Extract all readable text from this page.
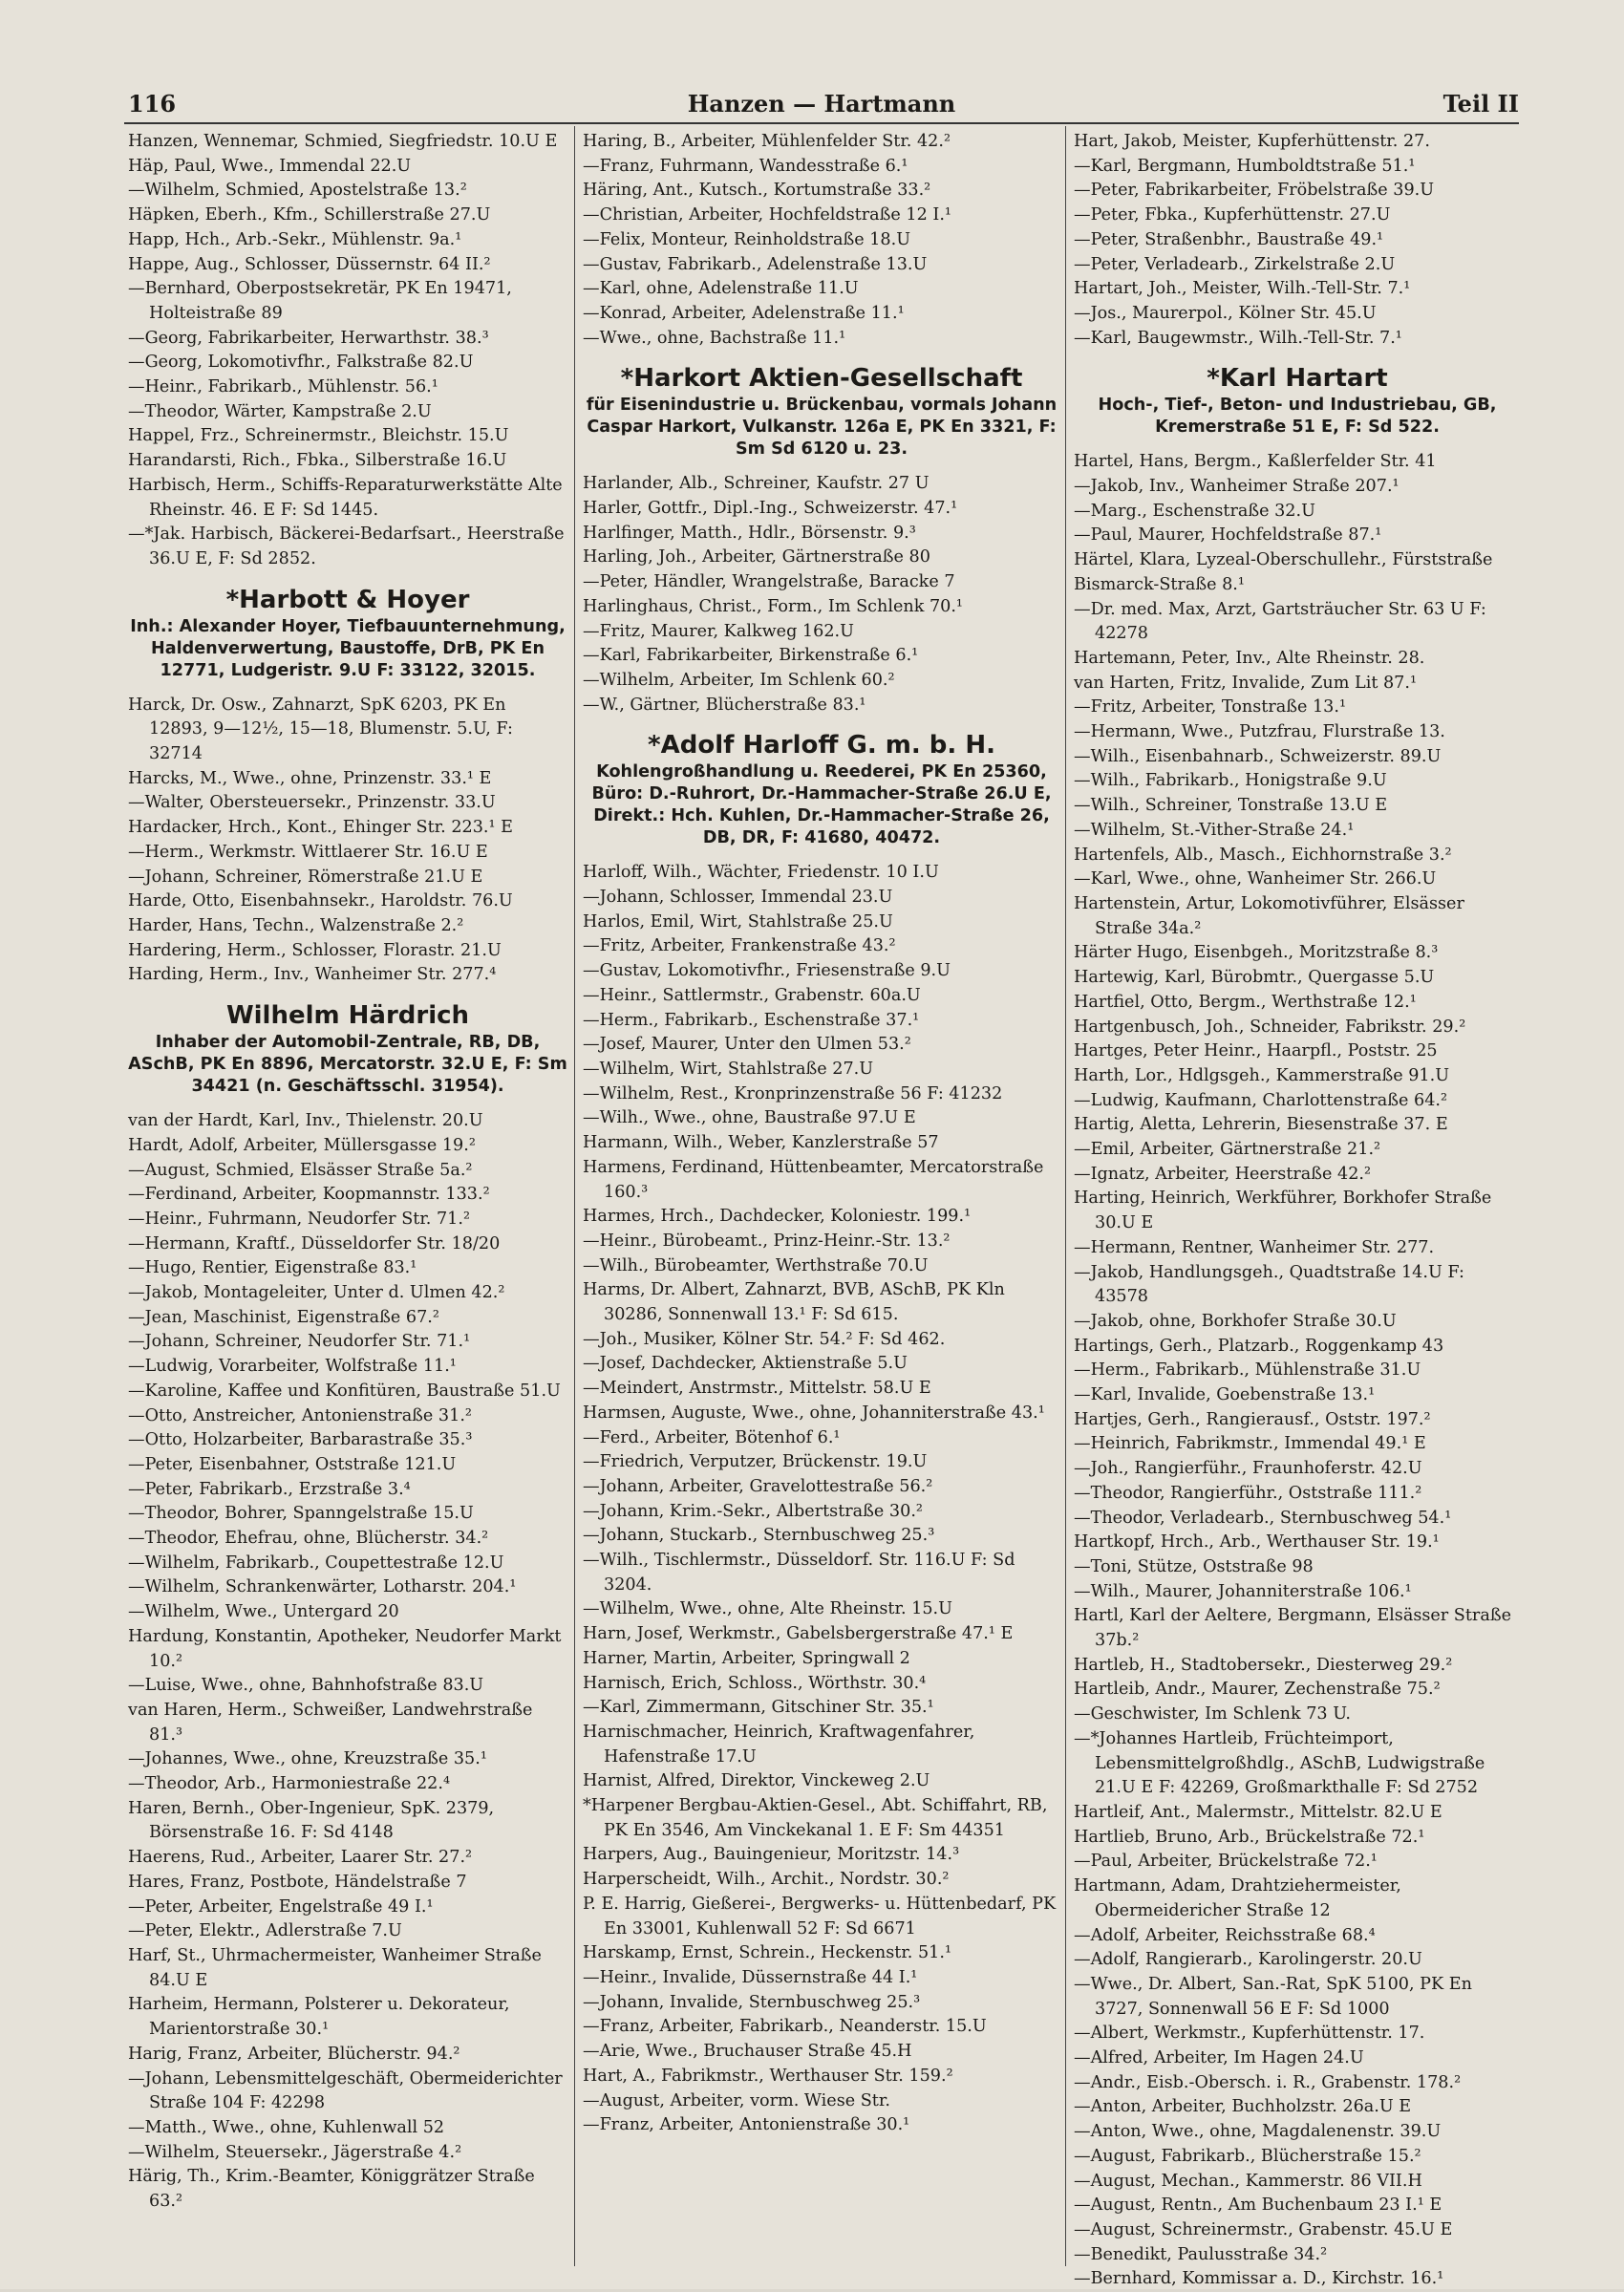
116	Hanzen — Hartmann	Teil II
Hanzen, Wennemar, Schmied, Siegfriedstr. 10.U E
Häp, Paul, Wwe., Immendal 22.U
—Wilhelm, Schmied, Apostelstraße 13.²
Häpken, Eberh., Kfm., Schillerstraße 27.U
Happ, Hch., Arb.-Sekr., Mühlenstr. 9a.¹
Happe, Aug., Schlosser, Düssernstr. 64 II.²
—Bernhard, Oberpostsekretär, PK En 19471, Holteistraße 89
—Georg, Fabrikarbeiter, Herwarthstr. 38.³
—Georg, Lokomotivfhr., Falkstraße 82.U
—Heinr., Fabrikarb., Mühlenstr. 56.¹
—Theodor, Wärter, Kampstraße 2.U
Happel, Frz., Schreinermstr., Bleichstr. 15.U
Harandarsti, Rich., Fbka., Silberstraße 16.U
Harbisch, Herm., Schiffs-Reparaturwerkstätte Alte Rheinstr. 46. E F: Sd 1445.
—*Jak. Harbisch, Bäckerei-Bedarfsart., Heerstraße 36.U E, F: Sd 2852.
*Harbott & Hoyer
Inh.: Alexander Hoyer, Tiefbauunternehmung, Haldenverwertung, Baustoffe, DrB, PK En 12771, Ludgeristr. 9.U F: 33122, 32015.
Harck, Dr. Osw., Zahnarzt, SpK 6203, PK En 12893, 9—12½, 15—18, Blumenstr. 5.U, F: 32714
Harcks, M., Wwe., ohne, Prinzenstr. 33.¹ E
—Walter, Obersteuersekr., Prinzenstr. 33.U
Hardacker, Hrch., Kont., Ehinger Str. 223.¹ E
—Herm., Werkmstr. Wittlaerer Str. 16.U E
—Johann, Schreiner, Römerstraße 21.U E
Harde, Otto, Eisenbahnsekr., Haroldstr. 76.U
Harder, Hans, Techn., Walzenstraße 2.²
Hardering, Herm., Schlosser, Florastr. 21.U
Harding, Herm., Inv., Wanheimer Str. 277.⁴
Wilhelm Härdrich
Inhaber der Automobil-Zentrale, RB, DB, ASchB, PK En 8896, Mercatorstr. 32.U E, F: Sm 34421 (n. Geschäftsschl. 31954).
van der Hardt, Karl, Inv., Thielenstr. 20.U
Hardt, Adolf, Arbeiter, Müllersgasse 19.²
—August, Schmied, Elsässer Straße 5a.²
—Ferdinand, Arbeiter, Koopmannstr. 133.²
—Heinr., Fuhrmann, Neudorfer Str. 71.²
—Hermann, Kraftf., Düsseldorfer Str. 18/20
—Hugo, Rentier, Eigenstraße 83.¹
—Jakob, Montageleiter, Unter d. Ulmen 42.²
—Jean, Maschinist, Eigenstraße 67.²
—Johann, Schreiner, Neudorfer Str. 71.¹
—Ludwig, Vorarbeiter, Wolfstraße 11.¹
—Karoline, Kaffee und Konfitüren, Baustraße 51.U
—Otto, Anstreicher, Antonienstraße 31.²
—Otto, Holzarbeiter, Barbarastraße 35.³
—Peter, Eisenbahner, Oststraße 121.U
—Peter, Fabrikarb., Erzstraße 3.⁴
—Theodor, Bohrer, Spanngelstraße 15.U
—Theodor, Ehefrau, ohne, Blücherstr. 34.²
—Wilhelm, Fabrikarb., Coupettestraße 12.U
—Wilhelm, Schrankenwärter, Lotharstr. 204.¹
—Wilhelm, Wwe., Untergard 20
Hardung, Konstantin, Apotheker, Neudorfer Markt 10.²
—Luise, Wwe., ohne, Bahnhofstraße 83.U
van Haren, Herm., Schweißer, Landwehrstraße 81.³
—Johannes, Wwe., ohne, Kreuzstraße 35.¹
—Theodor, Arb., Harmoniestraße 22.⁴
Haren, Bernh., Ober-Ingenieur, SpK. 2379, Börsenstraße 16. F: Sd 4148
Haerens, Rud., Arbeiter, Laarer Str. 27.²
Hares, Franz, Postbote, Händelstraße 7
—Peter, Arbeiter, Engelstraße 49 I.¹
—Peter, Elektr., Adlerstraße 7.U
Harf, St., Uhrmachermeister, Wanheimer Straße 84.U E
Harheim, Hermann, Polsterer u. Dekorateur, Marientorstraße 30.¹
Harig, Franz, Arbeiter, Blücherstr. 94.²
—Johann, Lebensmittelgeschäft, Obermeiderichter Straße 104 F: 42298
—Matth., Wwe., ohne, Kuhlenwall 52
—Wilhelm, Steuersekr., Jägerstraße 4.²
Härig, Th., Krim.-Beamter, Königgrätzer Straße 63.²
Haring, B., Arbeiter, Mühlenfelder Str. 42.²
—Franz, Fuhrmann, Wandesstraße 6.¹
Häring, Ant., Kutsch., Kortumstraße 33.²
—Christian, Arbeiter, Hochfeldstraße 12 I.¹
—Felix, Monteur, Reinholdstraße 18.U
—Gustav, Fabrikarb., Adelenstraße 13.U
—Karl, ohne, Adelenstraße 11.U
—Konrad, Arbeiter, Adelenstraße 11.¹
—Wwe., ohne, Bachstraße 11.¹
*Harkort Aktien-Gesellschaft
für Eisenindustrie u. Brückenbau, vormals Johann Caspar Harkort, Vulkanstr. 126a E, PK En 3321, F: Sm Sd 6120 u. 23.
Harlander, Alb., Schreiner, Kaufstr. 27 U
Harler, Gottfr., Dipl.-Ing., Schweizerstr. 47.¹
Harlfinger, Matth., Hdlr., Börsenstr. 9.³
Harling, Joh., Arbeiter, Gärtnerstraße 80
—Peter, Händler, Wrangelstraße, Baracke 7
Harlinghaus, Christ., Form., Im Schlenk 70.¹
—Fritz, Maurer, Kalkweg 162.U
—Karl, Fabrikarbeiter, Birkenstraße 6.¹
—Wilhelm, Arbeiter, Im Schlenk 60.²
—W., Gärtner, Blücherstraße 83.¹
*Adolf Harloff G. m. b. H.
Kohlengroßhandlung u. Reederei, PK En 25360, Büro: D.-Ruhrort, Dr.-Hammacher-Straße 26.U E, Direkt.: Hch. Kuhlen, Dr.-Hammacher-Straße 26, DB, DR, F: 41680, 40472.
Harloff, Wilh., Wächter, Friedenstr. 10 I.U
—Johann, Schlosser, Immendal 23.U
Harlos, Emil, Wirt, Stahlstraße 25.U
—Fritz, Arbeiter, Frankenstraße 43.²
—Gustav, Lokomotivfhr., Friesenstraße 9.U
—Heinr., Sattlermstr., Grabenstr. 60a.U
—Herm., Fabrikarb., Eschenstraße 37.¹
—Josef, Maurer, Unter den Ulmen 53.²
—Wilhelm, Wirt, Stahlstraße 27.U
—Wilhelm, Rest., Kronprinzenstraße 56 F: 41232
—Wilh., Wwe., ohne, Baustraße 97.U E
Harmann, Wilh., Weber, Kanzlerstraße 57
Harmens, Ferdinand, Hüttenbeamter, Mercatorstraße 160.³
Harmes, Hrch., Dachdecker, Koloniestr. 199.¹
—Heinr., Bürobeamt., Prinz-Heinr.-Str. 13.²
—Wilh., Bürobeamter, Werthstraße 70.U
Harms, Dr. Albert, Zahnarzt, BVB, ASchB, PK Kln 30286, Sonnenwall 13.¹ F: Sd 615.
—Joh., Musiker, Kölner Str. 54.² F: Sd 462.
—Josef, Dachdecker, Aktienstraße 5.U
—Meindert, Anstrmstr., Mittelstr. 58.U E
Harmsen, Auguste, Wwe., ohne, Johanniterstraße 43.¹
—Ferd., Arbeiter, Bötenhof 6.¹
—Friedrich, Verputzer, Brückenstr. 19.U
—Johann, Arbeiter, Gravelottestraße 56.²
—Johann, Krim.-Sekr., Albertstraße 30.²
—Johann, Stuckarb., Sternbuschweg 25.³
—Wilh., Tischlermstr., Düsseldorf. Str. 116.U F: Sd 3204.
—Wilhelm, Wwe., ohne, Alte Rheinstr. 15.U
Harn, Josef, Werkmstr., Gabelsbergerstraße 47.¹ E
Harner, Martin, Arbeiter, Springwall 2
Harnisch, Erich, Schloss., Wörthstr. 30.⁴
—Karl, Zimmermann, Gitschiner Str. 35.¹
Harnischmacher, Heinrich, Kraftwagenfahrer, Hafenstraße 17.U
Harnist, Alfred, Direktor, Vinckeweg 2.U
*Harpener Bergbau-Aktien-Gesel., Abt. Schiffahrt, RB, PK En 3546, Am Vinckekanal 1. E F: Sm 44351
Harpers, Aug., Bauingenieur, Moritzstr. 14.³
Harperscheidt, Wilh., Archit., Nordstr. 30.²
P. E. Harrig, Gießerei-, Bergwerks- u. Hüttenbedarf, PK En 33001, Kuhlenwall 52 F: Sd 6671
Harskamp, Ernst, Schrein., Heckenstr. 51.¹
—Heinr., Invalide, Düssernstraße 44 I.¹
—Johann, Invalide, Sternbuschweg 25.³
—Franz, Arbeiter, Fabrikarb., Neanderstr. 15.U
—Arie, Wwe., Bruchauser Straße 45.H
Hart, A., Fabrikmstr., Werthauser Str. 159.²
—August, Arbeiter, vorm. Wiese Str.
—Franz, Arbeiter, Antonienstraße 30.¹
Hart, Jakob, Meister, Kupferhüttenstr. 27.
—Karl, Bergmann, Humboldtstraße 51.¹
—Peter, Fabrikarbeiter, Fröbelstraße 39.U
—Peter, Fbka., Kupferhüttenstr. 27.U
—Peter, Straßenbhr., Baustraße 49.¹
—Peter, Verladearb., Zirkelstraße 2.U
Hartart, Joh., Meister, Wilh.-Tell-Str. 7.¹
—Jos., Maurerpol., Kölner Str. 45.U
—Karl, Baugewmstr., Wilh.-Tell-Str. 7.¹
*Karl Hartart
Hoch-, Tief-, Beton- und Industriebau, GB, Kremerstraße 51 E, F: Sd 522.
Hartel, Hans, Bergm., Kaßlerfelder Str. 41
—Jakob, Inv., Wanheimer Straße 207.¹
—Marg., Eschenstraße 32.U
—Paul, Maurer, Hochfeldstraße 87.¹
Härtel, Klara, Lyzeal-Oberschullehr., Fürststraße
Bismarck-Straße 8.¹
—Dr. med. Max, Arzt, Gartsträucher Str. 63 U F: 42278
Hartemann, Peter, Inv., Alte Rheinstr. 28.
van Harten, Fritz, Invalide, Zum Lit 87.¹
—Fritz, Arbeiter, Tonstraße 13.¹
—Hermann, Wwe., Putzfrau, Flurstraße 13.
—Wilh., Eisenbahnarb., Schweizerstr. 89.U
—Wilh., Fabrikarb., Honigstraße 9.U
—Wilh., Schreiner, Tonstraße 13.U E
—Wilhelm, St.-Vither-Straße 24.¹
Hartenfels, Alb., Masch., Eichhornstraße 3.²
—Karl, Wwe., ohne, Wanheimer Str. 266.U
Hartenstein, Artur, Lokomotivführer, Elsässer Straße 34a.²
Härter Hugo, Eisenbgeh., Moritzstraße 8.³
Hartewig, Karl, Bürobmtr., Quergasse 5.U
Hartfiel, Otto, Bergm., Werthstraße 12.¹
Hartgenbusch, Joh., Schneider, Fabrikstr. 29.²
Hartges, Peter Heinr., Haarpfl., Poststr. 25
Harth, Lor., Hdlgsgeh., Kammerstraße 91.U
—Ludwig, Kaufmann, Charlottenstraße 64.²
Hartig, Aletta, Lehrerin, Biesenstraße 37. E
—Emil, Arbeiter, Gärtnerstraße 21.²
—Ignatz, Arbeiter, Heerstraße 42.²
Harting, Heinrich, Werkführer, Borkhofer Straße 30.U E
—Hermann, Rentner, Wanheimer Str. 277.
—Jakob, Handlungsgeh., Quadtstraße 14.U F: 43578
—Jakob, ohne, Borkhofer Straße 30.U
Hartings, Gerh., Platzarb., Roggenkamp 43
—Herm., Fabrikarb., Mühlenstraße 31.U
—Karl, Invalide, Goebenstraße 13.¹
Hartjes, Gerh., Rangierausf., Oststr. 197.²
—Heinrich, Fabrikmstr., Immendal 49.¹ E
—Joh., Rangierführ., Fraunhoferstr. 42.U
—Theodor, Rangierführ., Oststraße 111.²
—Theodor, Verladearb., Sternbuschweg 54.¹
Hartkopf, Hrch., Arb., Werthauser Str. 19.¹
—Toni, Stütze, Oststraße 98
—Wilh., Maurer, Johanniterstraße 106.¹
Hartl, Karl der Aeltere, Bergmann, Elsässer Straße 37b.²
Hartleb, H., Stadtobersekr., Diesterweg 29.²
Hartleib, Andr., Maurer, Zechenstraße 75.²
—Geschwister, Im Schlenk 73 U.
—*Johannes Hartleib, Früchteimport, Lebensmittelgroßhdlg., ASchB, Ludwigstraße 21.U E F: 42269, Großmarkthalle F: Sd 2752
Hartleif, Ant., Malermstr., Mittelstr. 82.U E
Hartlieb, Bruno, Arb., Brückelstraße 72.¹
—Paul, Arbeiter, Brückelstraße 72.¹
Hartmann, Adam, Drahtziehermeister, Obermeidericher Straße 12
—Adolf, Arbeiter, Reichsstraße 68.⁴
—Adolf, Rangierarb., Karolingerstr. 20.U
—Wwe., Dr. Albert, San.-Rat, SpK 5100, PK En 3727, Sonnenwall 56 E F: Sd 1000
—Albert, Werkmstr., Kupferhüttenstr. 17.
—Alfred, Arbeiter, Im Hagen 24.U
—Andr., Eisb.-Obersch. i. R., Grabenstr. 178.²
—Anton, Arbeiter, Buchholzstr. 26a.U E
—Anton, Wwe., ohne, Magdalenenstr. 39.U
—August, Fabrikarb., Blücherstraße 15.²
—August, Mechan., Kammerstr. 86 VII.H
—August, Rentn., Am Buchenbaum 23 I.¹ E
—August, Schreinermstr., Grabenstr. 45.U E
—Benedikt, Paulusstraße 34.²
—Bernhard, Kommissar a. D., Kirchstr. 16.¹
